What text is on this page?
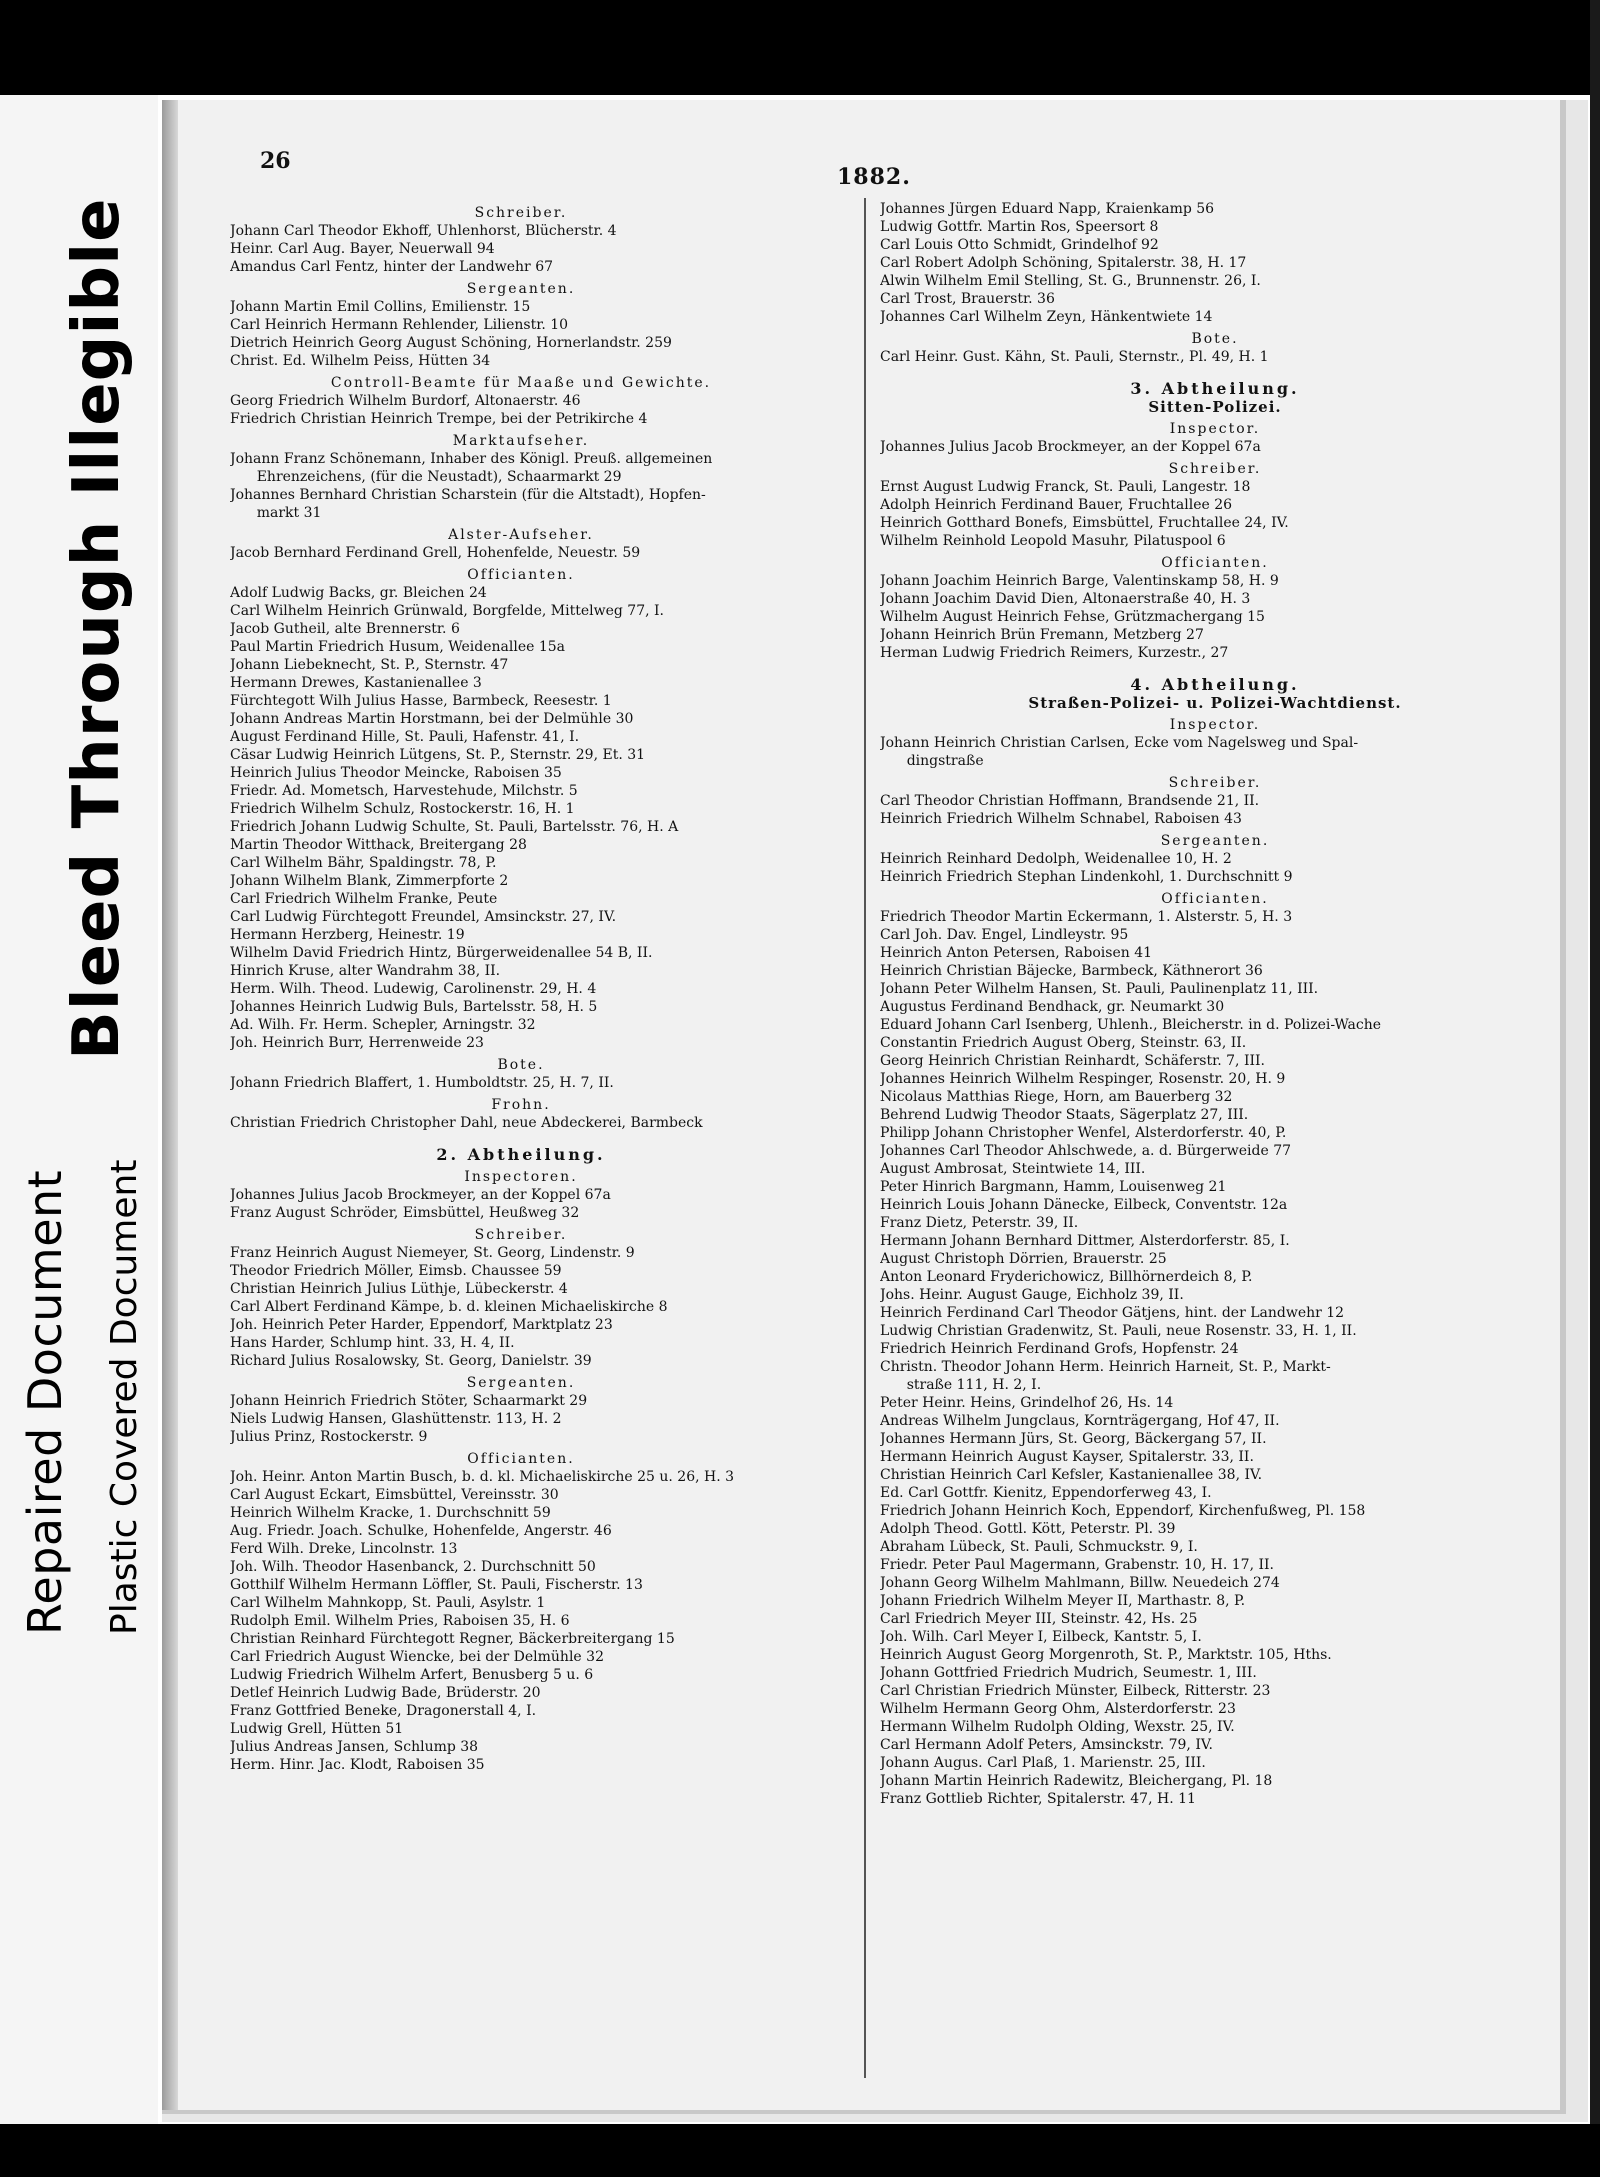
Repaired Document Plastic Covered Document
Bleed Through Illegible
26
1882.
Schreiber.
Johann Carl Theodor Ekhoff, Uhlenhorst, Blücherstr. 4
Heinr. Carl Aug. Bayer, Neuerwall 94
Amandus Carl Fentz, hinter der Landwehr 67
Sergeanten.
Johann Martin Emil Collins, Emilienstr. 15
Carl Heinrich Hermann Rehlender, Lilienstr. 10
Dietrich Heinrich Georg August Schöning, Hornerlandstr. 259
Christ. Ed. Wilhelm Peiss, Hütten 34
Controll-Beamte für Maaße und Gewichte.
Georg Friedrich Wilhelm Burdorf, Altonaerstr. 46
Friedrich Christian Heinrich Trempe, bei der Petrikirche 4
Marktaufseher.
Johann Franz Schönemann, Inhaber des Königl. Preuß. allgemeinen
Ehrenzeichens, (für die Neustadt), Schaarmarkt 29
Johannes Bernhard Christian Scharstein (für die Altstadt), Hopfen-
markt 31
Alster-Aufseher.
Jacob Bernhard Ferdinand Grell, Hohenfelde, Neuestr. 59
Officianten.
Adolf Ludwig Backs, gr. Bleichen 24
Carl Wilhelm Heinrich Grünwald, Borgfelde, Mittelweg 77, I.
Jacob Gutheil, alte Brennerstr. 6
Paul Martin Friedrich Husum, Weidenallee 15a
Johann Liebeknecht, St. P., Sternstr. 47
Hermann Drewes, Kastanienallee 3
Fürchtegott Wilh Julius Hasse, Barmbeck, Reesestr. 1
Johann Andreas Martin Horstmann, bei der Delmühle 30
August Ferdinand Hille, St. Pauli, Hafenstr. 41, I.
Cäsar Ludwig Heinrich Lütgens, St. P., Sternstr. 29, Et. 31
Heinrich Julius Theodor Meincke, Raboisen 35
Friedr. Ad. Mometsch, Harvestehude, Milchstr. 5
Friedrich Wilhelm Schulz, Rostockerstr. 16, H. 1
Friedrich Johann Ludwig Schulte, St. Pauli, Bartelsstr. 76, H. A
Martin Theodor Witthack, Breitergang 28
Carl Wilhelm Bähr, Spaldingstr. 78, P.
Johann Wilhelm Blank, Zimmerpforte 2
Carl Friedrich Wilhelm Franke, Peute
Carl Ludwig Fürchtegott Freundel, Amsinckstr. 27, IV.
Hermann Herzberg, Heinestr. 19
Wilhelm David Friedrich Hintz, Bürgerweidenallee 54 B, II.
Hinrich Kruse, alter Wandrahm 38, II.
Herm. Wilh. Theod. Ludewig, Carolinenstr. 29, H. 4
Johannes Heinrich Ludwig Buls, Bartelsstr. 58, H. 5
Ad. Wilh. Fr. Herm. Schepler, Arningstr. 32
Joh. Heinrich Burr, Herrenweide 23
Bote.
Johann Friedrich Blaffert, 1. Humboldtstr. 25, H. 7, II.
Frohn.
Christian Friedrich Christopher Dahl, neue Abdeckerei, Barmbeck
2. Abtheilung.
Inspectoren.
Johannes Julius Jacob Brockmeyer, an der Koppel 67a
Franz August Schröder, Eimsbüttel, Heußweg 32
Schreiber.
Franz Heinrich August Niemeyer, St. Georg, Lindenstr. 9
Theodor Friedrich Möller, Eimsb. Chaussee 59
Christian Heinrich Julius Lüthje, Lübeckerstr. 4
Carl Albert Ferdinand Kämpe, b. d. kleinen Michaeliskirche 8
Joh. Heinrich Peter Harder, Eppendorf, Marktplatz 23
Hans Harder, Schlump hint. 33, H. 4, II.
Richard Julius Rosalowsky, St. Georg, Danielstr. 39
Sergeanten.
Johann Heinrich Friedrich Stöter, Schaarmarkt 29
Niels Ludwig Hansen, Glashüttenstr. 113, H. 2
Julius Prinz, Rostockerstr. 9
Officianten.
Joh. Heinr. Anton Martin Busch, b. d. kl. Michaeliskirche 25 u. 26, H. 3
Carl August Eckart, Eimsbüttel, Vereinsstr. 30
Heinrich Wilhelm Kracke, 1. Durchschnitt 59
Aug. Friedr. Joach. Schulke, Hohenfelde, Angerstr. 46
Ferd Wilh. Dreke, Lincolnstr. 13
Joh. Wilh. Theodor Hasenbanck, 2. Durchschnitt 50
Gotthilf Wilhelm Hermann Löffler, St. Pauli, Fischerstr. 13
Carl Wilhelm Mahnkopp, St. Pauli, Asylstr. 1
Rudolph Emil. Wilhelm Pries, Raboisen 35, H. 6
Christian Reinhard Fürchtegott Regner, Bäckerbreitergang 15
Carl Friedrich August Wiencke, bei der Delmühle 32
Ludwig Friedrich Wilhelm Arfert, Benusberg 5 u. 6
Detlef Heinrich Ludwig Bade, Brüderstr. 20
Franz Gottfried Beneke, Dragonerstall 4, I.
Ludwig Grell, Hütten 51
Julius Andreas Jansen, Schlump 38
Herm. Hinr. Jac. Klodt, Raboisen 35
Johannes Jürgen Eduard Napp, Kraienkamp 56
Ludwig Gottfr. Martin Ros, Speersort 8
Carl Louis Otto Schmidt, Grindelhof 92
Carl Robert Adolph Schöning, Spitalerstr. 38, H. 17
Alwin Wilhelm Emil Stelling, St. G., Brunnenstr. 26, I.
Carl Trost, Brauerstr. 36
Johannes Carl Wilhelm Zeyn, Hänkentwiete 14
Bote.
Carl Heinr. Gust. Kähn, St. Pauli, Sternstr., Pl. 49, H. 1
3. Abtheilung.
Sitten-Polizei.
Inspector.
Johannes Julius Jacob Brockmeyer, an der Koppel 67a
Schreiber.
Ernst August Ludwig Franck, St. Pauli, Langestr. 18
Adolph Heinrich Ferdinand Bauer, Fruchtallee 26
Heinrich Gotthard Bonefs, Eimsbüttel, Fruchtallee 24, IV.
Wilhelm Reinhold Leopold Masuhr, Pilatuspool 6
Officianten.
Johann Joachim Heinrich Barge, Valentinskamp 58, H. 9
Johann Joachim David Dien, Altonaerstraße 40, H. 3
Wilhelm August Heinrich Fehse, Grützmachergang 15
Johann Heinrich Brün Fremann, Metzberg 27
Herman Ludwig Friedrich Reimers, Kurzestr., 27
4. Abtheilung.
Straßen-Polizei- u. Polizei-Wachtdienst.
Inspector.
Johann Heinrich Christian Carlsen, Ecke vom Nagelsweg und Spal-
dingstraße
Schreiber.
Carl Theodor Christian Hoffmann, Brandsende 21, II.
Heinrich Friedrich Wilhelm Schnabel, Raboisen 43
Sergeanten.
Heinrich Reinhard Dedolph, Weidenallee 10, H. 2
Heinrich Friedrich Stephan Lindenkohl, 1. Durchschnitt 9
Officianten.
Friedrich Theodor Martin Eckermann, 1. Alsterstr. 5, H. 3
Carl Joh. Dav. Engel, Lindleystr. 95
Heinrich Anton Petersen, Raboisen 41
Heinrich Christian Bäjecke, Barmbeck, Käthnerort 36
Johann Peter Wilhelm Hansen, St. Pauli, Paulinenplatz 11, III.
Augustus Ferdinand Bendhack, gr. Neumarkt 30
Eduard Johann Carl Isenberg, Uhlenh., Bleicherstr. in d. Polizei-Wache
Constantin Friedrich August Oberg, Steinstr. 63, II.
Georg Heinrich Christian Reinhardt, Schäferstr. 7, III.
Johannes Heinrich Wilhelm Respinger, Rosenstr. 20, H. 9
Nicolaus Matthias Riege, Horn, am Bauerberg 32
Behrend Ludwig Theodor Staats, Sägerplatz 27, III.
Philipp Johann Christopher Wenfel, Alsterdorferstr. 40, P.
Johannes Carl Theodor Ahlschwede, a. d. Bürgerweide 77
August Ambrosat, Steintwiete 14, III.
Peter Hinrich Bargmann, Hamm, Louisenweg 21
Heinrich Louis Johann Dänecke, Eilbeck, Conventstr. 12a
Franz Dietz, Peterstr. 39, II.
Hermann Johann Bernhard Dittmer, Alsterdorferstr. 85, I.
August Christoph Dörrien, Brauerstr. 25
Anton Leonard Fryderichowicz, Billhörnerdeich 8, P.
Johs. Heinr. August Gauge, Eichholz 39, II.
Heinrich Ferdinand Carl Theodor Gätjens, hint. der Landwehr 12
Ludwig Christian Gradenwitz, St. Pauli, neue Rosenstr. 33, H. 1, II.
Friedrich Heinrich Ferdinand Grofs, Hopfenstr. 24
Christn. Theodor Johann Herm. Heinrich Harneit, St. P., Markt-
straße 111, H. 2, I.
Peter Heinr. Heins, Grindelhof 26, Hs. 14
Andreas Wilhelm Jungclaus, Kornträgergang, Hof 47, II.
Johannes Hermann Jürs, St. Georg, Bäckergang 57, II.
Hermann Heinrich August Kayser, Spitalerstr. 33, II.
Christian Heinrich Carl Kefsler, Kastanienallee 38, IV.
Ed. Carl Gottfr. Kienitz, Eppendorferweg 43, I.
Friedrich Johann Heinrich Koch, Eppendorf, Kirchenfußweg, Pl. 158
Adolph Theod. Gottl. Kött, Peterstr. Pl. 39
Abraham Lübeck, St. Pauli, Schmuckstr. 9, I.
Friedr. Peter Paul Magermann, Grabenstr. 10, H. 17, II.
Johann Georg Wilhelm Mahlmann, Billw. Neuedeich 274
Johann Friedrich Wilhelm Meyer II, Marthastr. 8, P.
Carl Friedrich Meyer III, Steinstr. 42, Hs. 25
Joh. Wilh. Carl Meyer I, Eilbeck, Kantstr. 5, I.
Heinrich August Georg Morgenroth, St. P., Marktstr. 105, Hths.
Johann Gottfried Friedrich Mudrich, Seumestr. 1, III.
Carl Christian Friedrich Münster, Eilbeck, Ritterstr. 23
Wilhelm Hermann Georg Ohm, Alsterdorferstr. 23
Hermann Wilhelm Rudolph Olding, Wexstr. 25, IV.
Carl Hermann Adolf Peters, Amsinckstr. 79, IV.
Johann Augus. Carl Plaß, 1. Marienstr. 25, III.
Johann Martin Heinrich Radewitz, Bleichergang, Pl. 18
Franz Gottlieb Richter, Spitalerstr. 47, H. 11
